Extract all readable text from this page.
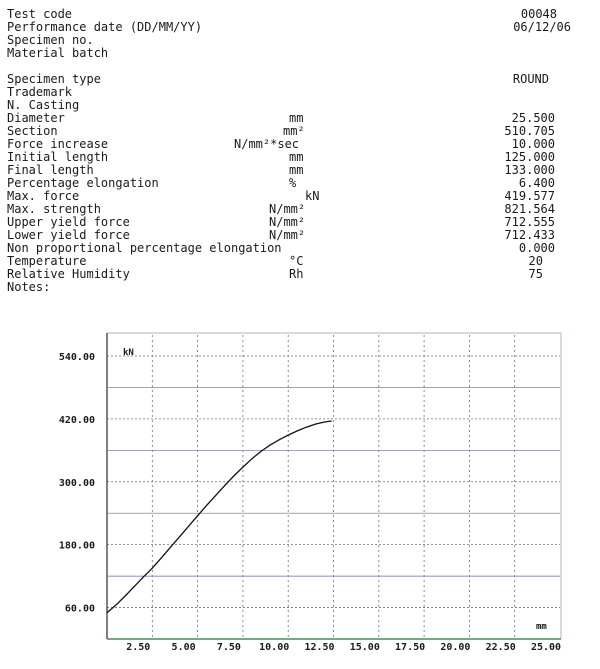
Test code

	00048

Performance date (DD/MM/YY)

	06/12/06

Specimen no.

Material batch

Specimen type

	ROUND

Trademark

N. Casting

Diameter

	mm

	25.500

Section

	mm²

	510.705

Force increase

	N/mm²*sec

	10.000

Initial length

	mm

	125.000

Final length

	mm

	133.000

Percentage elongation

	%

	6.400

Max. force

	kN

	419.577

Max. strength

	N/mm²

	821.564

Upper yield force

	N/mm²

	712.555

Lower yield force

	N/mm²

	712.433

Non proportional percentage elongation

	0.000

Temperature

	°C

	20

Relative Humidity

	Rh

	75

Notes:

60.00
180.00
300.00
420.00
540.00
2.50 5.00 7.50 10.00 12.50 15.00 17.50 20.00 22.50 25.00
kN
mm
